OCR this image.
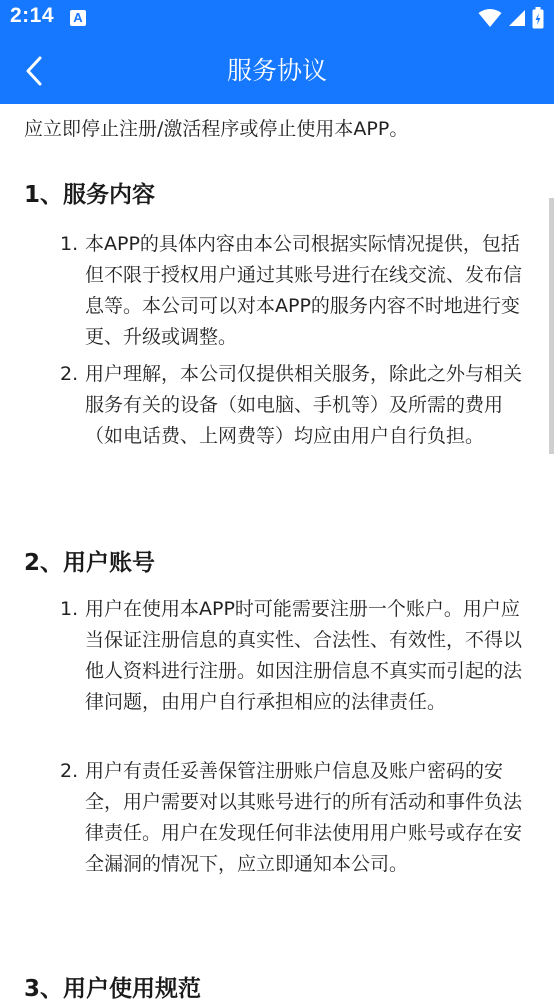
2:14 A
服务协议
应立即停止注册/激活程序或停止使用本APP。
1、服务内容
1. 本APP的具体内容由本公司根据实际情况提供，包括但不限于授权用户通过其账号进行在线交流、发布信息等。本公司可以对本APP的服务内容不时地进行变更、升级或调整。
2. 用户理解，本公司仅提供相关服务，除此之外与相关服务有关的设备（如电脑、手机等）及所需的费用（如电话费、上网费等）均应由用户自行负担。
2、用户账号
1. 用户在使用本APP时可能需要注册一个账户。用户应当保证注册信息的真实性、合法性、有效性，不得以他人资料进行注册。如因注册信息不真实而引起的法律问题，由用户自行承担相应的法律责任。
2. 用户有责任妥善保管注册账户信息及账户密码的安全，用户需要对以其账号进行的所有活动和事件负法律责任。用户在发现任何非法使用用户账号或存在安全漏洞的情况下，应立即通知本公司。
3、用户使用规范
